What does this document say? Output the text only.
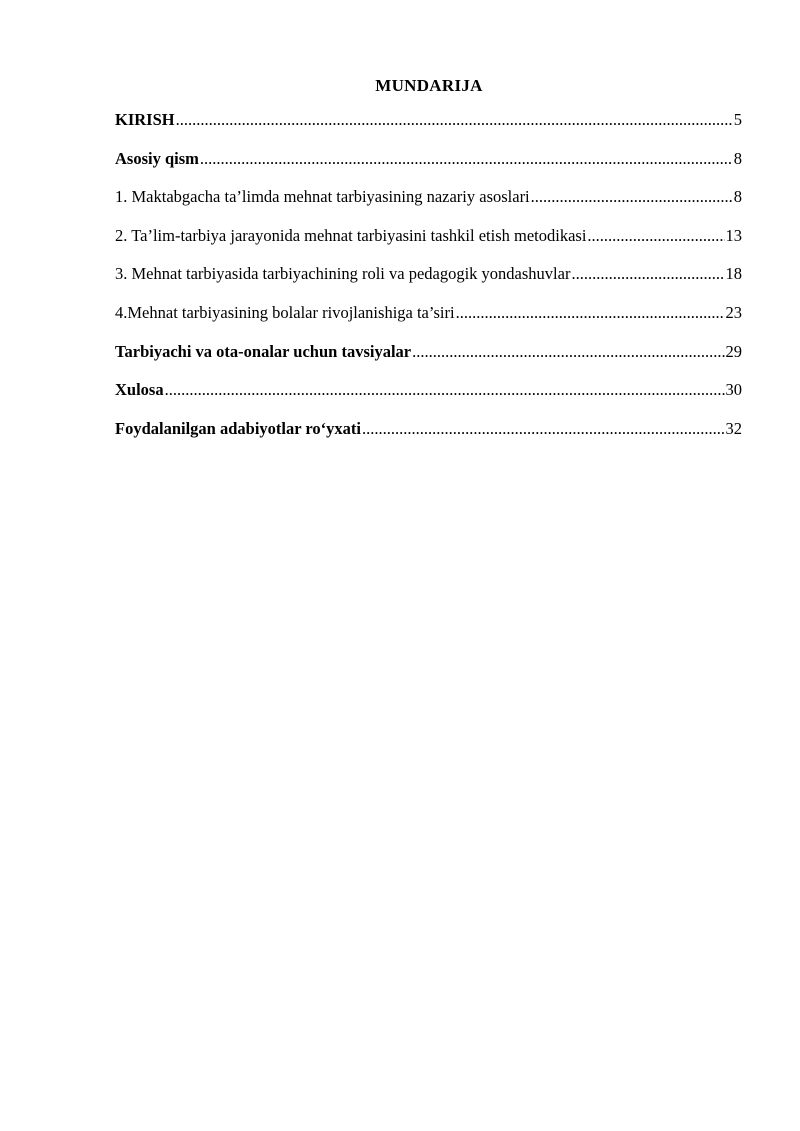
MUNDARIJA
KIRISH .....	5
Asosiy qism .....	8
1. Maktabgacha ta’limda mehnat tarbiyasining nazariy asoslari .....	8
2. Ta’lim-tarbiya jarayonida mehnat tarbiyasini tashkil etish metodikasi .....	13
3. Mehnat tarbiyasida tarbiyachining roli va pedagogik yondashuvlar .....	18
4.Mehnat tarbiyasining bolalar rivojlanishiga ta’siri .....	23
Tarbiyachi va ota-onalar uchun tavsiyalar .....	29
Xulosa .....	30
Foydalanilgan adabiyotlar ro‘yxati .....	32
